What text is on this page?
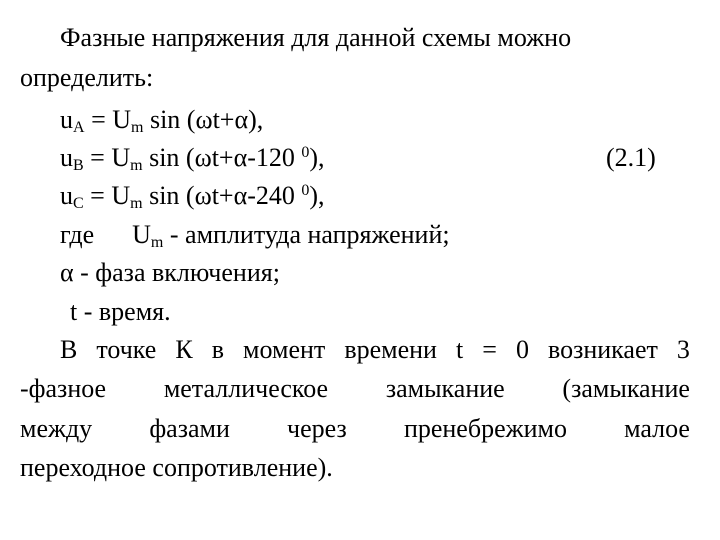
Фазные напряжения для данной схемы можно
определить:
$u_A = U_m$ sin (ωt+α),
$u_B = U_m$ sin (ωt+α-120 $^0$),	(2.1)
$u_C = U_m$ sin (ωt+α-240 $^0$),
где $U_m$ - амплитуда напряжений;
α - фаза включения;
t - время.
В точке К в момент времени t = 0 возникает 3
-фазное металлическое замыкание (замыкание
между фазами через пренебрежимо малое
переходное сопротивление).
